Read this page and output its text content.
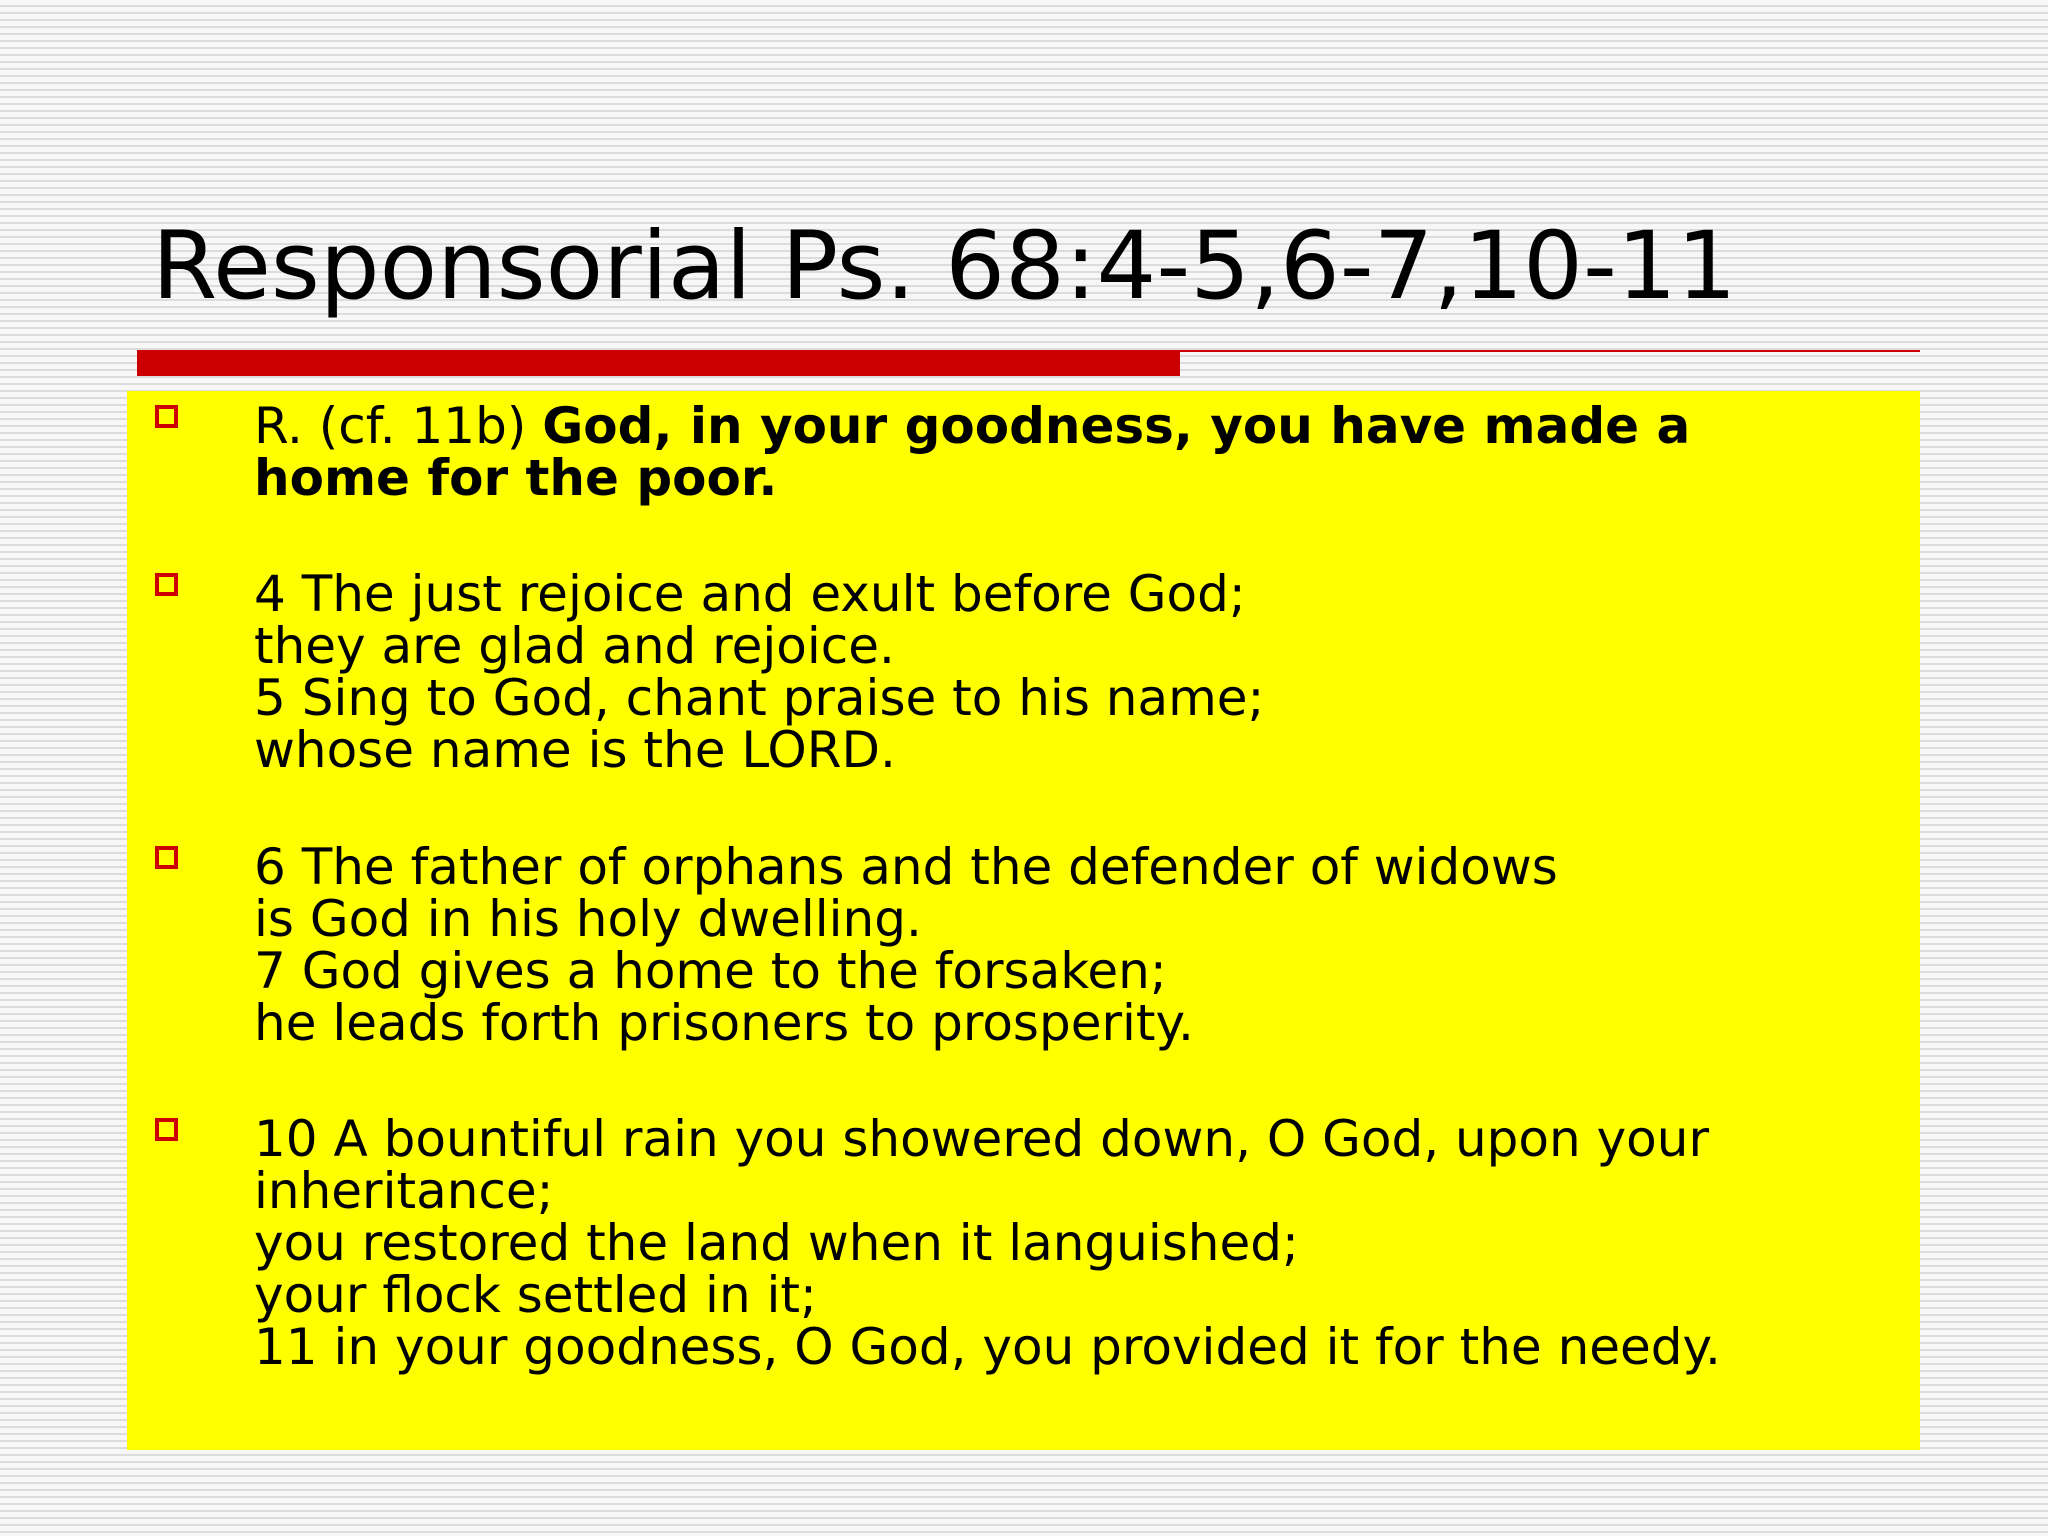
Responsorial Ps. 68:4-5,6-7,10-11

R. (cf. 11b) God, in your goodness, you have made a
home for the poor.

4 The just rejoice and exult before God;
they are glad and rejoice.
5 Sing to God, chant praise to his name;
whose name is the LORD.

6 The father of orphans and the defender of widows
is God in his holy dwelling.
7 God gives a home to the forsaken;
he leads forth prisoners to prosperity.

10 A bountiful rain you showered down, O God, upon your
inheritance;
you restored the land when it languished;
your flock settled in it;
11 in your goodness, O God, you provided it for the needy.
